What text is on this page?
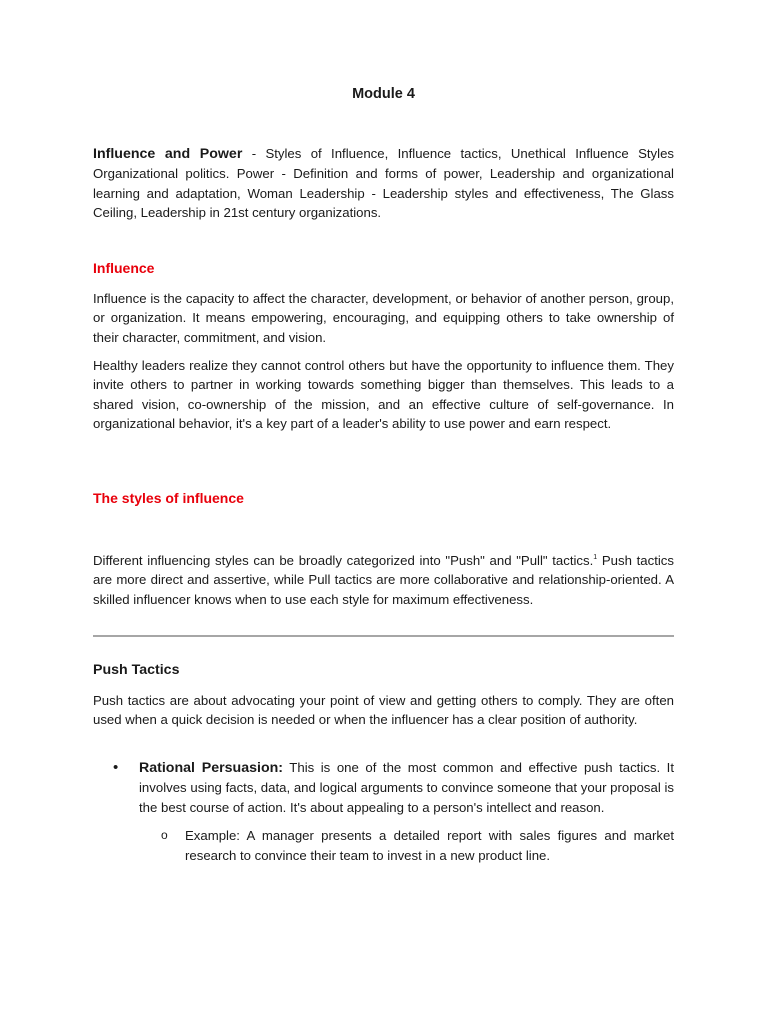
Module 4

Influence and Power - Styles of Influence, Influence tactics, Unethical Influence Styles Organizational politics. Power - Definition and forms of power, Leadership and organizational learning and adaptation, Woman Leadership - Leadership styles and effectiveness, The Glass Ceiling, Leadership in 21st century organizations.

Influence

Influence is the capacity to affect the character, development, or behavior of another person, group, or organization. It means empowering, encouraging, and equipping others to take ownership of their character, commitment, and vision.

Healthy leaders realize they cannot control others but have the opportunity to influence them. They invite others to partner in working towards something bigger than themselves. This leads to a shared vision, co-ownership of the mission, and an effective culture of self-governance. In organizational behavior, it's a key part of a leader's ability to use power and earn respect.

The styles of influence

Different influencing styles can be broadly categorized into "Push" and "Pull" tactics.$^1$ Push tactics are more direct and assertive, while Pull tactics are more collaborative and relationship-oriented. A skilled influencer knows when to use each style for maximum effectiveness.

Push Tactics

Push tactics are about advocating your point of view and getting others to comply. They are often used when a quick decision is needed or when the influencer has a clear position of authority.

• Rational Persuasion: This is one of the most common and effective push tactics. It involves using facts, data, and logical arguments to convince someone that your proposal is the best course of action. It's about appealing to a person's intellect and reason.

o Example: A manager presents a detailed report with sales figures and market research to convince their team to invest in a new product line.
